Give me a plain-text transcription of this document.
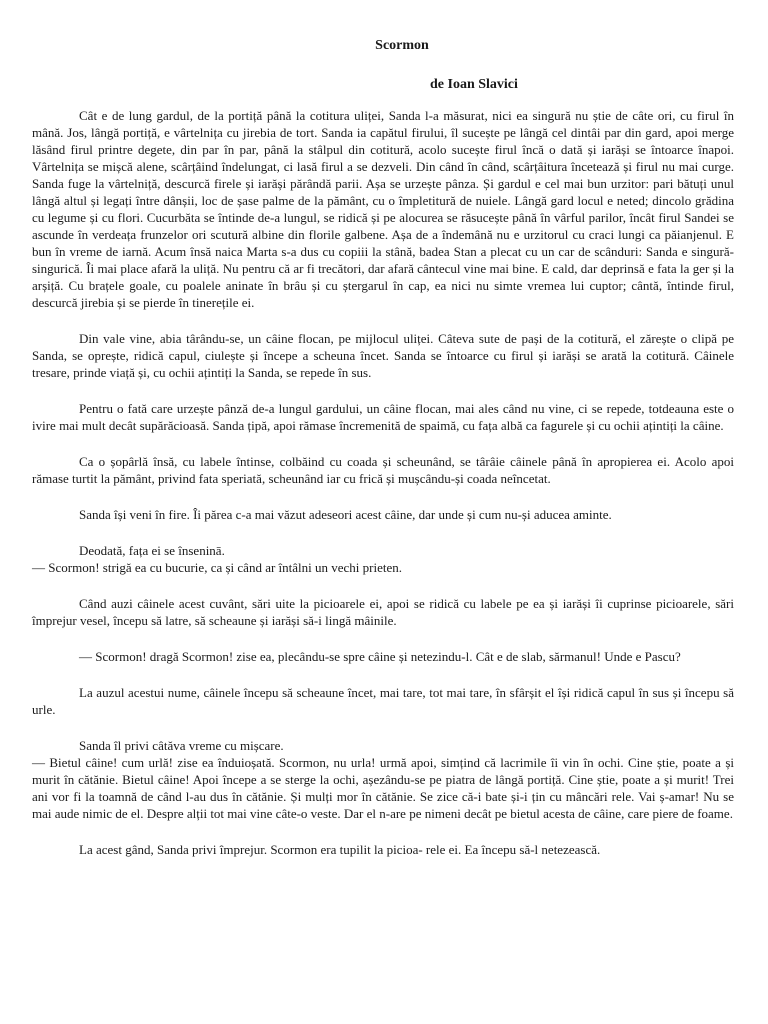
Scormon
de Ioan Slavici

Cât e de lung gardul, de la portiță până la cotitura uliței, Sanda l-a măsurat, nici ea singură nu știe de câte ori, cu firul în mână. Jos, lângă portiță, e vârtelnița cu jirebia de tort. Sanda ia capătul firului, îl sucește pe lângă cel dintâi par din gard, apoi merge lăsând firul printre degete, din par în par, până la stâlpul din cotitură, acolo sucește firul încă o dată și iarăși se întoarce înapoi. Vârtelnița se mișcă alene, scârțâind îndelungat, ci lasă firul a se dezveli. Din când în când, scârțâitura încetează și firul nu mai curge. Sanda fuge la vârtelniță, descurcă firele și iarăși părândă parii. Așa se urzește pânza. Și gardul e cel mai bun urzitor: pari bătuți unul lângă altul și legați între dânșii, loc de șase palme de la pământ, cu o împletitură de nuiele. Lângă gard locul e neted; dincolo grădina cu legume și cu flori. Cucurbăta se întinde de-a lungul, se ridică și pe alocurea se răsucește până în vârful parilor, încât firul Sandei se ascunde în verdeața frunzelor ori scutură albine din florile galbene. Așa de a îndemână nu e urzitorul cu craci lungi ca păianjenul. E bun în vreme de iarnă. Acum însă naica Marta s-a dus cu copiii la stână, badea Stan a plecat cu un car de scânduri: Sanda e singură-singurică. Îi mai place afară la uliță. Nu pentru că ar fi trecători, dar afară cântecul vine mai bine. E cald, dar deprinsă e fata la ger și la arșiță. Cu brațele goale, cu poalele aninate în brâu și cu ștergarul în cap, ea nici nu simte vremea lui cuptor; cântă, întinde firul, descurcă jirebia și se pierde în tinerețile ei.

Din vale vine, abia târându-se, un câine flocan, pe mijlocul uliței. Câteva sute de pași de la cotitură, el zărește o clipă pe Sanda, se oprește, ridică capul, ciulește și începe a scheuna încet. Sanda se întoarce cu firul și iarăși se arată la cotitură. Câinele tresare, prinde viață și, cu ochii ațintiți la Sanda, se repede în sus.

Pentru o fată care urzește pânză de-a lungul gardului, un câine flocan, mai ales când nu vine, ci se repede, totdeauna este o ivire mai mult decât supărăcioasă. Sanda țipă, apoi rămase încremenită de spaimă, cu fața albă ca fagurele și cu ochii ațintiți la câine.

Ca o șopârlă însă, cu labele întinse, colbăind cu coada și scheunând, se târâie câinele până în apropierea ei. Acolo apoi rămase turtit la pământ, privind fata speriată, scheunând iar cu frică și mușcându-și coada neîncetat.

Sanda își veni în fire. Îi părea c-a mai văzut adeseori acest câine, dar unde și cum nu-și aducea aminte.

Deodată, fața ei se înseninā.
— Scormon! strigă ea cu bucurie, ca și când ar întâlni un vechi prieten.

Când auzi câinele acest cuvânt, sări uite la picioarele ei, apoi se ridică cu labele pe ea și iarăși îi cuprinse picioarele, sări împrejur vesel, începu să latre, să scheaune și iarăși să-i lingă mâinile.

— Scormon! dragă Scormon! zise ea, plecându-se spre câine și netezindu-l. Cât e de slab, sărmanul! Unde e Pascu?

La auzul acestui nume, câinele începu să scheaune încet, mai tare, tot mai tare, în sfârșit el își ridică capul în sus și începu să urle.

Sanda îl privi câtăva vreme cu mișcare.
— Bietul câine! cum urlă! zise ea înduioșată. Scormon, nu urla! urmă apoi, simțind că lacrimile îi vin în ochi. Cine știe, poate a și murit în cătănie. Bietul câine! Apoi începe a se sterge la ochi, așezându-se pe piatra de lângă portiță. Cine știe, poate a și murit! Trei ani vor fi la toamnă de când l-au dus în cătănie. Și mulți mor în cătănie. Se zice că-i bate și-i țin cu mâncări rele. Vai ș-amar! Nu se mai aude nimic de el. Despre alții tot mai vine câte-o veste. Dar el n-are pe nimeni decât pe bietul acesta de câine, care piere de foame.

La acest gând, Sanda privi împrejur. Scormon era tupilit la picioa- rele ei. Ea începu să-l netezească.
